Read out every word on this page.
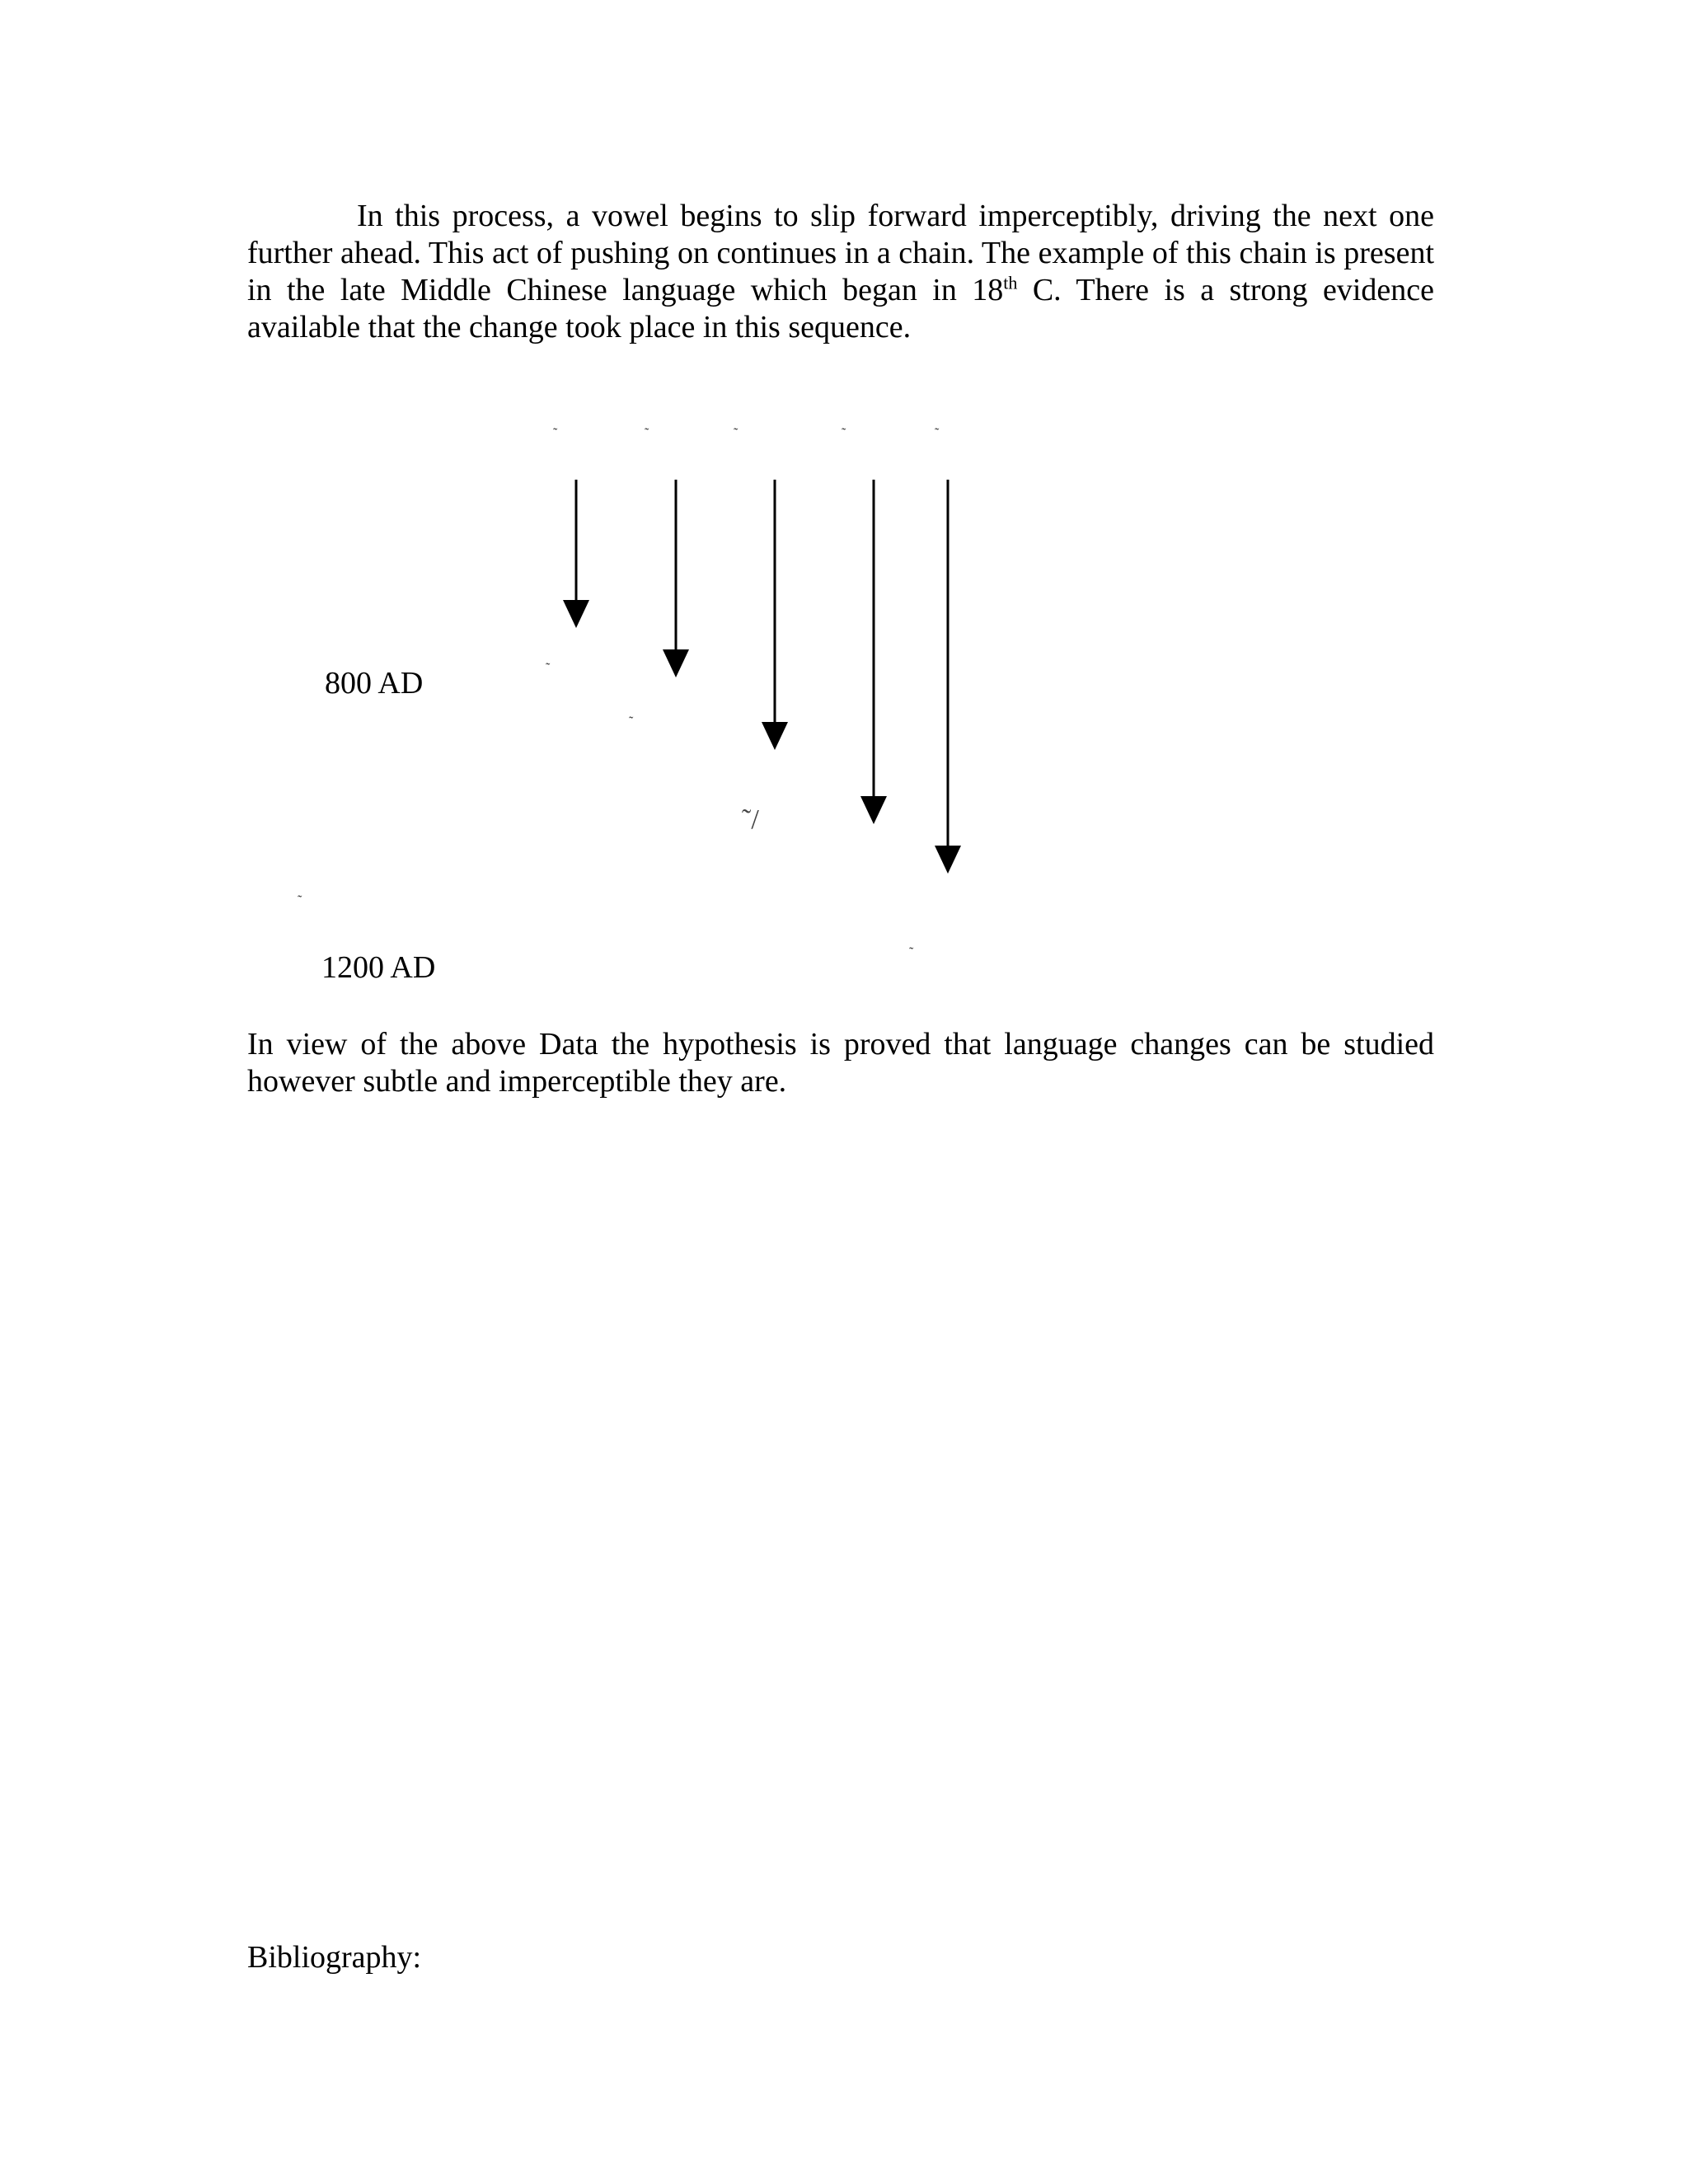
In this process, a vowel begins to slip forward imperceptibly, driving the next one further ahead. This act of pushing on continues in a chain. The example of this chain is present in the late Middle Chinese language which began in 18th C. There is a strong evidence available that the change took place in this sequence.

˜	˜	˜	˜	˜
˜
˜
˜/
˜
˜
800 AD
1200 AD

In view of the above Data the hypothesis is proved that language changes can be studied however subtle and imperceptible they are.

Bibliography:
